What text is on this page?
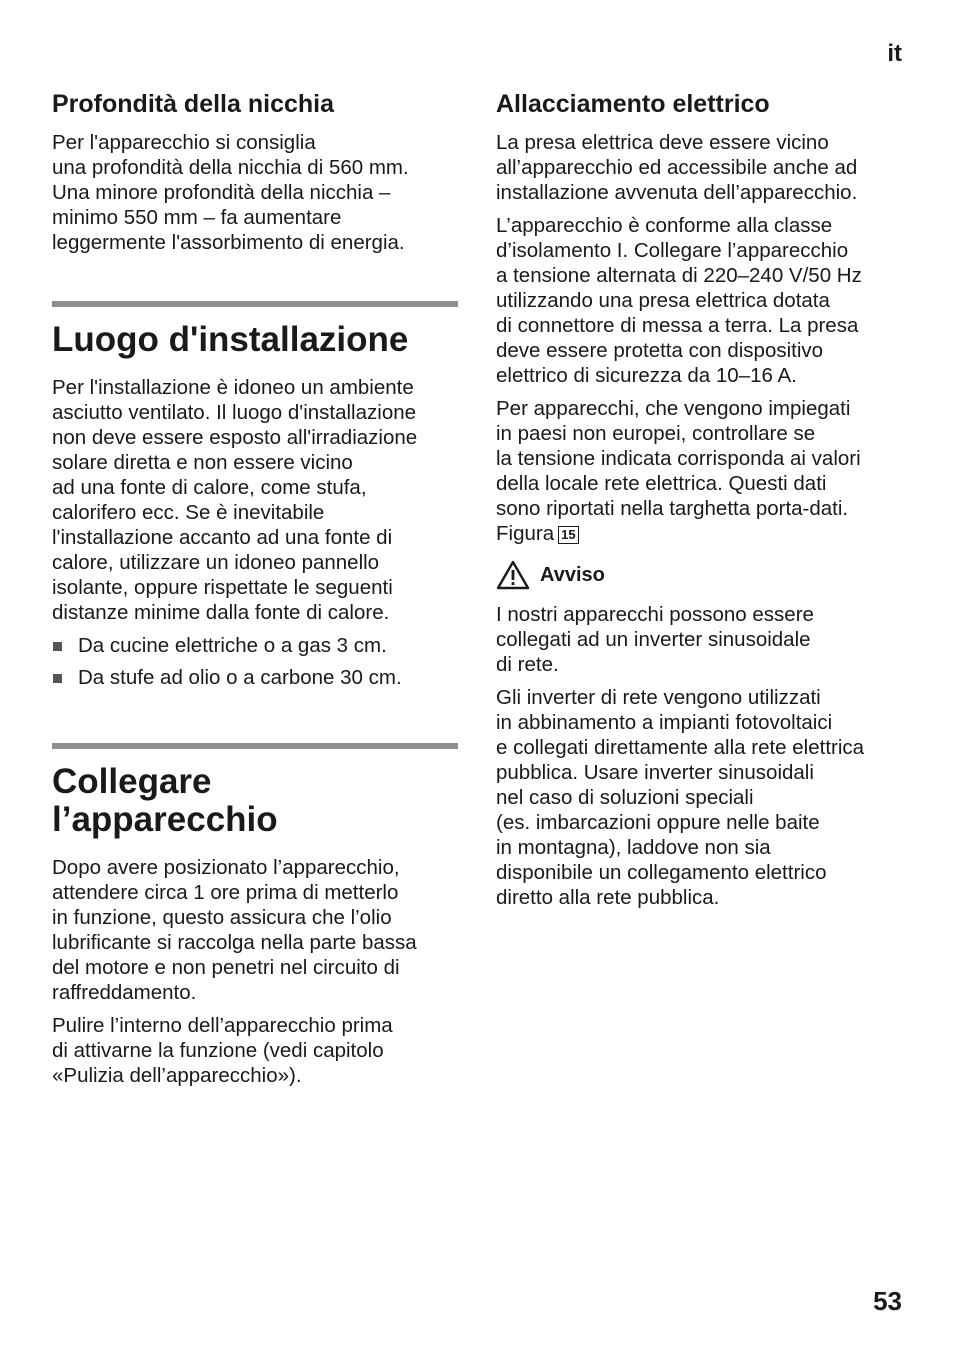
it
Profondità della nicchia

Per l'apparecchio si consiglia
una profondità della nicchia di 560 mm.
Una minore profondità della nicchia –
minimo 550 mm – fa aumentare
leggermente l'assorbimento di energia.

Luogo d'installazione

Per l'installazione è idoneo un ambiente
asciutto ventilato. Il luogo d'installazione
non deve essere esposto all'irradiazione
solare diretta e non essere vicino
ad una fonte di calore, come stufa,
calorifero ecc. Se è inevitabile
l'installazione accanto ad una fonte di
calore, utilizzare un idoneo pannello
isolante, oppure rispettate le seguenti
distanze minime dalla fonte di calore.

Da cucine elettriche o a gas 3 cm.
Da stufe ad olio o a carbone 30 cm.
Collegare
l’apparecchio

Dopo avere posizionato l’apparecchio,
attendere circa 1 ore prima di metterlo
in funzione, questo assicura che l’olio
lubrificante si raccolga nella parte bassa
del motore e non penetri nel circuito di
raffreddamento.

Pulire l’interno dell’apparecchio prima
di attivarne la funzione (vedi capitolo
«Pulizia dell’apparecchio»).

Allacciamento elettrico

La presa elettrica deve essere vicino
all’apparecchio ed accessibile anche ad
installazione avvenuta dell’apparecchio.

L’apparecchio è conforme alla classe
d’isolamento I. Collegare l’apparecchio
a tensione alternata di 220–240 V/50 Hz
utilizzando una presa elettrica dotata
di connettore di messa a terra. La presa
deve essere protetta con dispositivo
elettrico di sicurezza da 10–16 A.

Per apparecchi, che vengono impiegati
in paesi non europei, controllare se
la tensione indicata corrisponda ai valori
della locale rete elettrica. Questi dati
sono riportati nella targhetta porta-dati.
Figura 15

Avviso

I nostri apparecchi possono essere
collegati ad un inverter sinusoidale
di rete.

Gli inverter di rete vengono utilizzati
in abbinamento a impianti fotovoltaici
e collegati direttamente alla rete elettrica
pubblica. Usare inverter sinusoidali
nel caso di soluzioni speciali
(es. imbarcazioni oppure nelle baite
in montagna), laddove non sia
disponibile un collegamento elettrico
diretto alla rete pubblica.

53
